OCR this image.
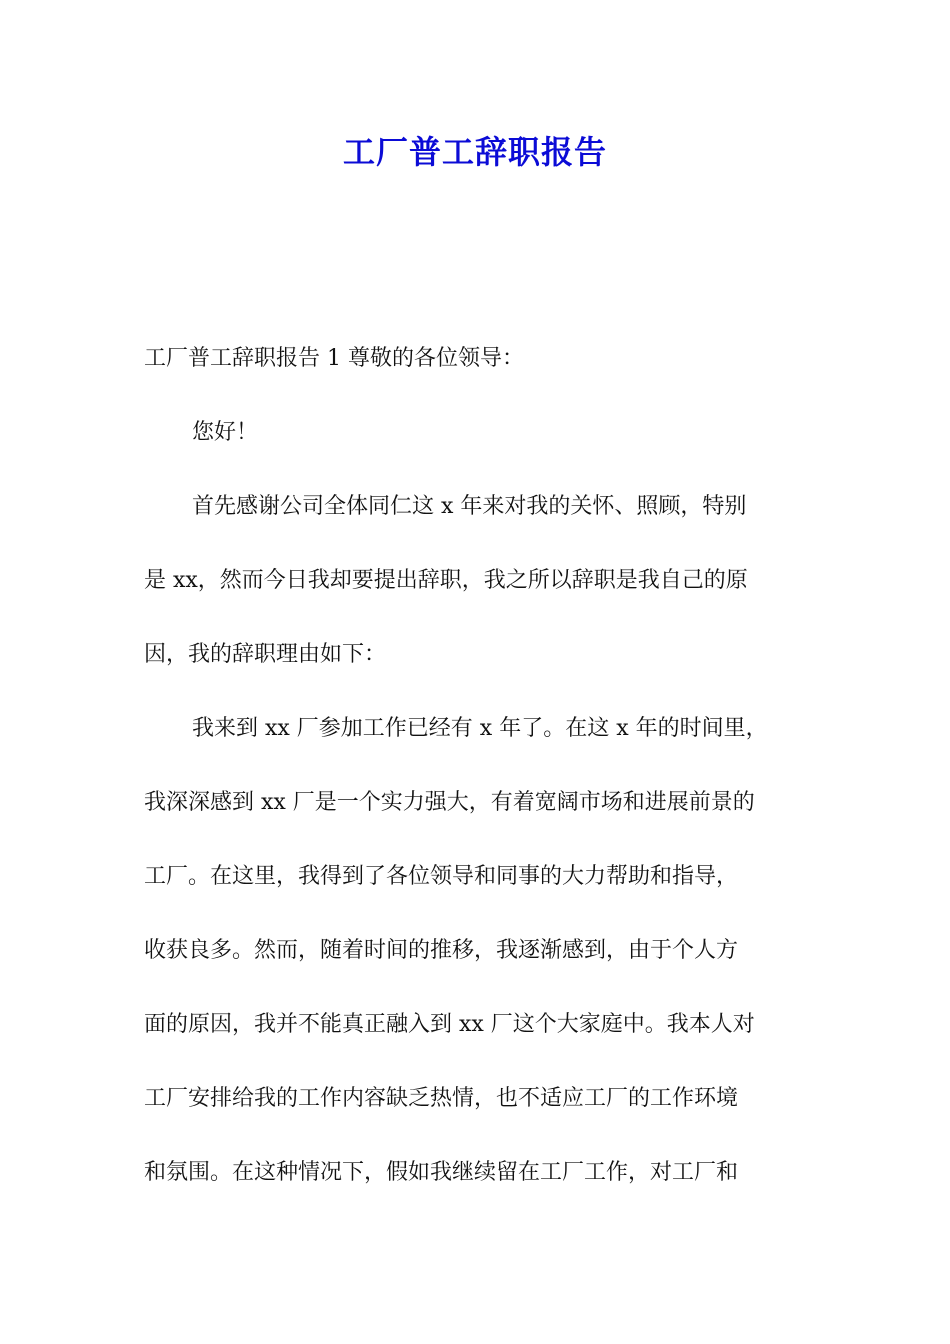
工厂普工辞职报告
工厂普工辞职报告 1 尊敬的各位领导：
您好！
首先感谢公司全体同仁这 x 年来对我的关怀、照顾，特别
是 xx，然而今日我却要提出辞职，我之所以辞职是我自己的原
因，我的辞职理由如下：
我来到 xx 厂参加工作已经有 x 年了。在这 x 年的时间里，
我深深感到 xx 厂是一个实力强大，有着宽阔市场和进展前景的
工厂。在这里，我得到了各位领导和同事的大力帮助和指导，
收获良多。然而，随着时间的推移，我逐渐感到，由于个人方
面的原因，我并不能真正融入到 xx 厂这个大家庭中。我本人对
工厂安排给我的工作内容缺乏热情，也不适应工厂的工作环境
和氛围。在这种情况下，假如我继续留在工厂工作，对工厂和
